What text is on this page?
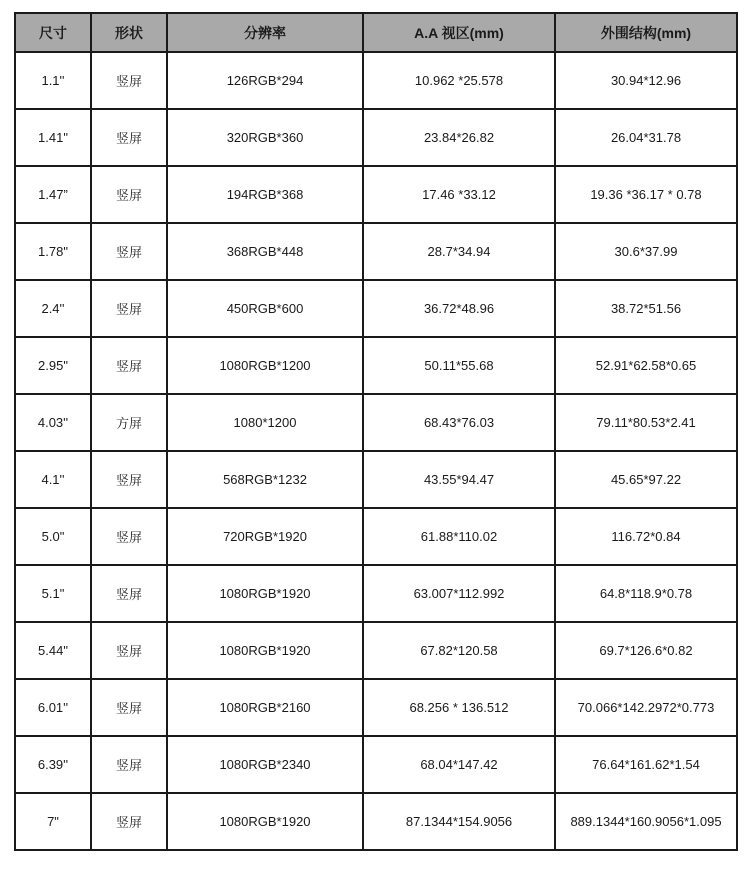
尺寸	形状	分辨率	A.A 视区(mm)	外围结构(mm)
1.1''	竖屏	126RGB*294	10.962 *25.578	30.94*12.96
1.41"	竖屏	320RGB*360	23.84*26.82	26.04*31.78
1.47”	竖屏	194RGB*368	17.46 *33.12	19.36 *36.17 * 0.78
1.78"	竖屏	368RGB*448	28.7*34.94	30.6*37.99
2.4''	竖屏	450RGB*600	36.72*48.96	38.72*51.56
2.95"	竖屏	1080RGB*1200	50.11*55.68	52.91*62.58*0.65
4.03''	方屏	1080*1200	68.43*76.03	79.11*80.53*2.41
4.1''	竖屏	568RGB*1232	43.55*94.47	45.65*97.22
5.0"	竖屏	720RGB*1920	61.88*110.02	116.72*0.84
5.1"	竖屏	1080RGB*1920	63.007*112.992	64.8*118.9*0.78
5.44"	竖屏	1080RGB*1920	67.82*120.58	69.7*126.6*0.82
6.01''	竖屏	1080RGB*2160	68.256 * 136.512	70.066*142.2972*0.773
6.39''	竖屏	1080RGB*2340	68.04*147.42	76.64*161.62*1.54
7"	竖屏	1080RGB*1920	87.1344*154.9056	889.1344*160.9056*1.095
